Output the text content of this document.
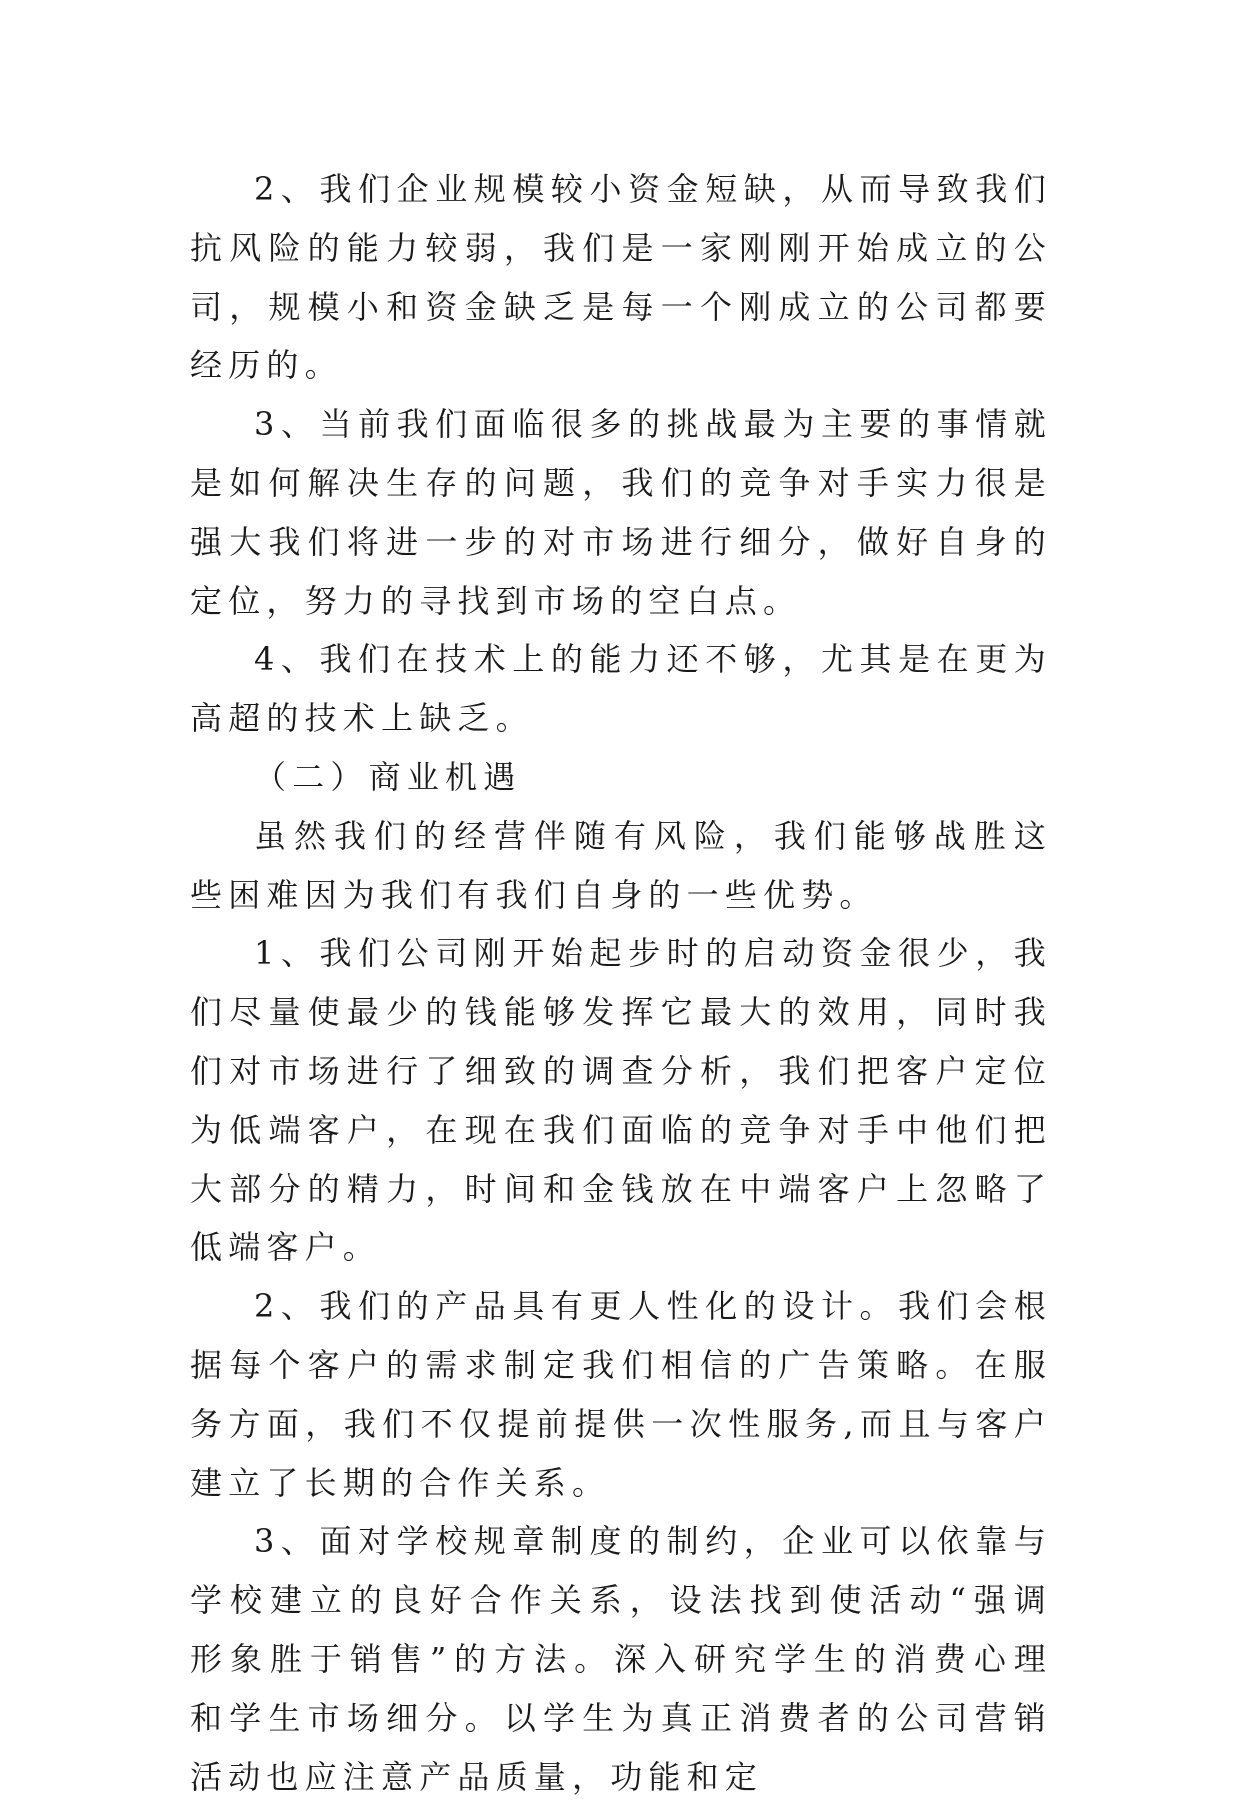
2、我们企业规模较小资金短缺，从而导致我们抗风险的能力较弱，我们是一家刚刚开始成立的公司，规模小和资金缺乏是每一个刚成立的公司都要经历的。

3、当前我们面临很多的挑战最为主要的事情就是如何解决生存的问题，我们的竞争对手实力很是强大我们将进一步的对市场进行细分，做好自身的定位，努力的寻找到市场的空白点。

4、我们在技术上的能力还不够，尤其是在更为高超的技术上缺乏。

（二）商业机遇

虽然我们的经营伴随有风险，我们能够战胜这些困难因为我们有我们自身的一些优势。

1、我们公司刚开始起步时的启动资金很少，我们尽量使最少的钱能够发挥它最大的效用，同时我们对市场进行了细致的调查分析，我们把客户定位为低端客户，在现在我们面临的竞争对手中他们把大部分的精力，时间和金钱放在中端客户上忽略了低端客户。

2、我们的产品具有更人性化的设计。我们会根据每个客户的需求制定我们相信的广告策略。在服务方面，我们不仅提前提供一次性服务,而且与客户建立了长期的合作关系。

3、面对学校规章制度的制约，企业可以依靠与学校建立的良好合作关系，设法找到使活动“强调形象胜于销售”的方法。深入研究学生的消费心理和学生市场细分。以学生为真正消费者的公司营销活动也应注意产品质量，功能和定
